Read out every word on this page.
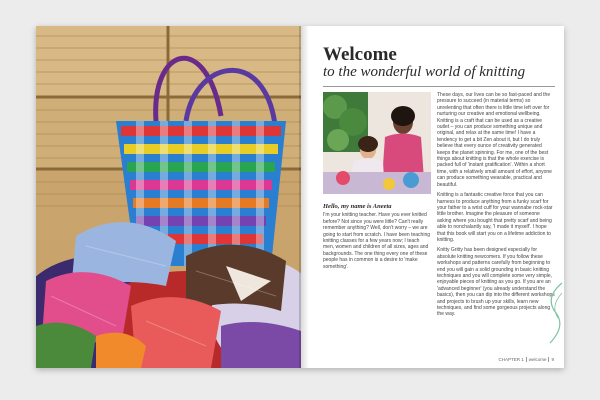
Welcome
to the wonderful world of knitting
Hello, my name is Aneeta

I'm your knitting teacher. Have you ever knitted before? Not since you were little? Can't really remember anything? Well, don't worry – we are going to start from scratch. I have been teaching knitting classes for a few years now; I teach men, women and children of all sizes, ages and backgrounds. The one thing every one of these people has in common is a desire to 'make something'.

These days, our lives can be so fast-paced and the pressure to succeed (in material terms) so unrelenting that often there is little time left over for nurturing our creative and emotional wellbeing. Knitting is a craft that can be used as a creative outlet – you can produce something unique and original, and relax at the same time! I have a tendency to get a bit Zen about it, but I do truly believe that every ounce of creativity generated keeps the planet spinning. For me, one of the best things about knitting is that the whole exercise is packed full of 'instant gratification'. Within a short time, with a relatively small amount of effort, anyone can produce something wearable, practical and beautiful.

Knitting is a fantastic creative force that you can harness to produce anything from a funky scarf for your father to a wrist cuff for your wannabe rock-star little brother. Imagine the pleasure of someone asking where you bought that pretty scarf and being able to nonchalantly say, 'I made it myself'. I hope that this book will start you on a lifetime addiction to knitting.

Knitty Gritty has been designed especially for absolute knitting newcomers. If you follow these workshops and patterns carefully from beginning to end you will gain a solid grounding in basic knitting techniques and you will complete some very simple, enjoyable pieces of knitting as you go. If you are an 'advanced beginner' (you already understand the basics), then you can dip into the different workshops and projects to brush up your skills, learn new techniques, and find some gorgeous projects along the way.

CHAPTER 1 welcome 9
